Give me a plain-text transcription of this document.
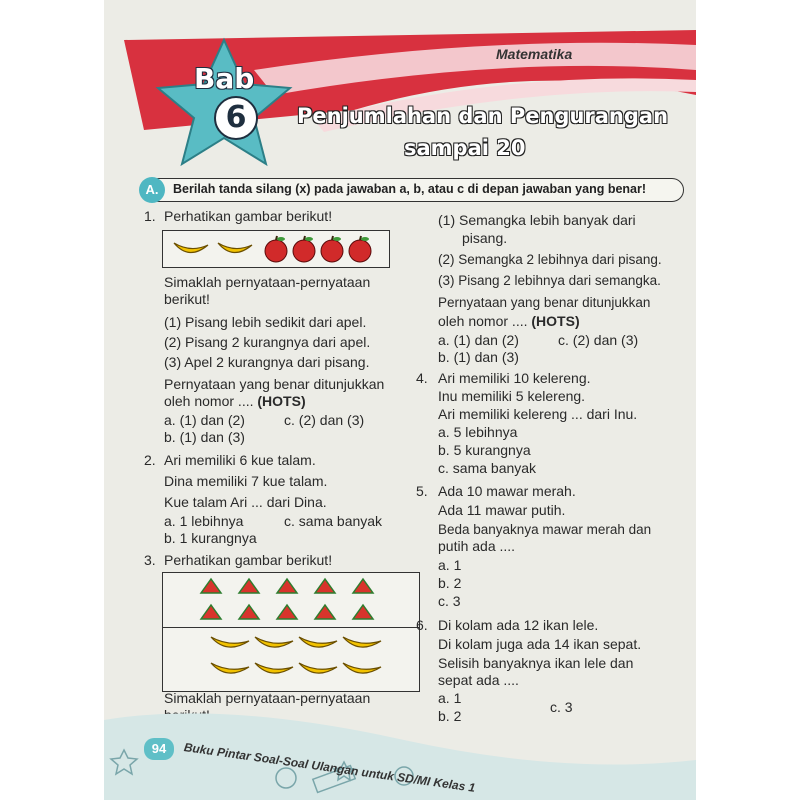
Matematika
Bab
6	Penjumlahan dan Pengurangan
sampai 20
A.	Berilah tanda silang (x) pada jawaban a, b, atau c di depan jawaban yang benar!
1. Perhatikan gambar berikut!
Simaklah pernyataan-pernyataan
berikut!
(1) Pisang lebih sedikit dari apel.
(2) Pisang 2 kurangnya dari apel.
(3) Apel 2 kurangnya dari pisang.
Pernyataan yang benar ditunjukkan
oleh nomor .... (HOTS)
a. (1) dan (2)	c. (2) dan (3)
b. (1) dan (3)
2. Ari memiliki 6 kue talam.
Dina memiliki 7 kue talam.
Kue talam Ari ... dari Dina.
a. 1 lebihnya	c. sama banyak
b. 1 kurangnya
3. Perhatikan gambar berikut!
Simaklah pernyataan-pernyataan
(1) Semangka lebih banyak dari
pisang.
(2) Semangka 2 lebihnya dari pisang.
(3) Pisang 2 lebihnya dari semangka.
Pernyataan yang benar ditunjukkan
oleh nomor .... (HOTS)
a. (1) dan (2)	c. (2) dan (3)
b. (1) dan (3)
4. Ari memiliki 10 kelereng.
Inu memiliki 5 kelereng.
Ari memiliki kelereng ... dari Inu.
a. 5 lebihnya
b. 5 kurangnya
c. sama banyak
5. Ada 10 mawar merah.
Ada 11 mawar putih.
Beda banyaknya mawar merah dan
putih ada ....
a. 1
b. 2
c. 3
6. Di kolam ada 12 ikan lele.
Di kolam juga ada 14 ikan sepat.
Selisih banyaknya ikan lele dan
sepat ada ....
a. 1
c. 3
b. 2
94	Buku Pintar Soal-Soal Ulangan untuk SD/MI Kelas 1
